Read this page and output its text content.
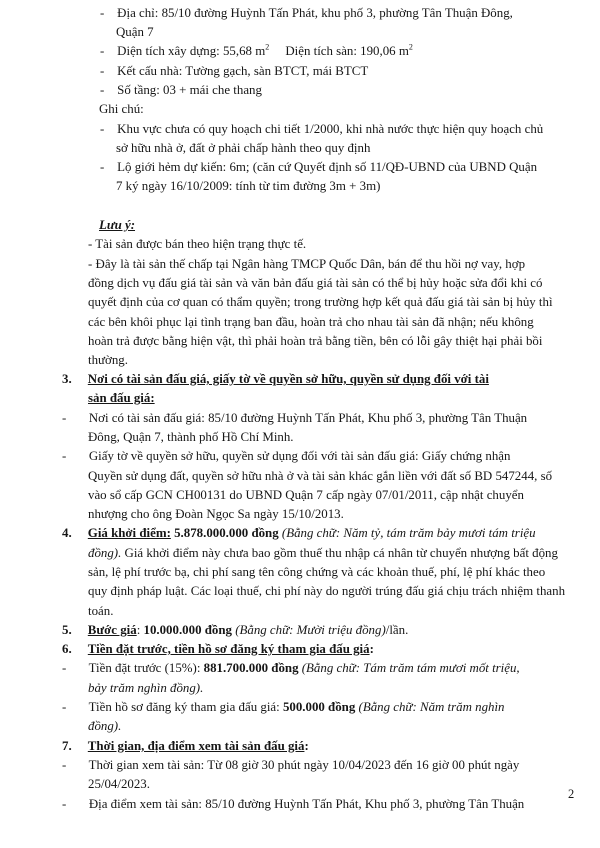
-    Địa chỉ: 85/10 đường Huỳnh Tấn Phát, khu phố 3, phường Tân Thuận Đông,
Quận 7
-    Diện tích xây dựng: 55,68 $m^2$     Diện tích sàn: 190,06 $m^2$
-    Kết cấu nhà: Tường gạch, sàn BTCT, mái BTCT
-    Số tầng: 03 + mái che thang
Ghi chú:
-    Khu vực chưa có quy hoạch chi tiết 1/2000, khi nhà nước thực hiện quy hoạch chủ
sở hữu nhà ở, đất ở phải chấp hành theo quy định
-    Lộ giới hẻm dự kiến: 6m; (căn cứ Quyết định số 11/QĐ-UBND của UBND Quận
7 ký ngày 16/10/2009: tính từ tim đường 3m + 3m)
Lưu ý:
- Tài sản được bán theo hiện trạng thực tế.
- Đây là tài sản thế chấp tại Ngân hàng TMCP Quốc Dân, bán để thu hồi nợ vay, hợp
đồng dịch vụ đấu giá tài sản và văn bản đấu giá tài sản có thể bị hủy hoặc sửa đổi khi có
quyết định của cơ quan có thẩm quyền; trong trường hợp kết quả đấu giá tài sản bị hủy thì
các bên khôi phục lại tình trạng ban đầu, hoàn trả cho nhau tài sản đã nhận; nếu không
hoàn trả được bằng hiện vật, thì phải hoàn trả bằng tiền, bên có lỗi gây thiệt hại phải bồi
thường.
3. Nơi có tài sản đấu giá, giấy tờ về quyền sở hữu, quyền sử dụng đối với tài
sản đấu giá:
-       Nơi có tài sản đấu giá: 85/10 đường Huỳnh Tấn Phát, Khu phố 3, phường Tân Thuận
Đông, Quận 7, thành phố Hồ Chí Minh.
-       Giấy tờ về quyền sở hữu, quyền sử dụng đối với tài sản đấu giá: Giấy chứng nhận
Quyền sử dụng đất, quyền sở hữu nhà ở và tài sản khác gắn liền với đất số BD 547244, số
vào sổ cấp GCN CH00131 do UBND Quận 7 cấp ngày 07/01/2011, cập nhật chuyển
nhượng cho ông Đoàn Ngọc Sa ngày 15/10/2013.
4. Giá khởi điểm: 5.878.000.000 đồng (Bằng chữ: Năm tỷ, tám trăm bảy mươi tám triệu
đồng). Giá khởi điểm này chưa bao gồm thuế thu nhập cá nhân từ chuyển nhượng bất động
sản, lệ phí trước bạ, chi phí sang tên công chứng và các khoản thuế, phí, lệ phí khác theo
quy định pháp luật. Các loại thuế, chi phí này do người trúng đấu giá chịu trách nhiệm thanh
toán.
5. Bước giá: 10.000.000 đồng (Bằng chữ: Mười triệu đồng)/lần.
6. Tiền đặt trước, tiền hồ sơ đăng ký tham gia đấu giá:
-       Tiền đặt trước (15%): 881.700.000 đồng (Bằng chữ: Tám trăm tám mươi mốt triệu,
bảy trăm nghìn đồng).
-       Tiền hồ sơ đăng ký tham gia đấu giá: 500.000 đồng (Bằng chữ: Năm trăm nghìn
đồng).
7. Thời gian, địa điểm xem tài sản đấu giá:
-       Thời gian xem tài sản: Từ 08 giờ 30 phút ngày 10/04/2023 đến 16 giờ 00 phút ngày
25/04/2023.
-       Địa điểm xem tài sản: 85/10 đường Huỳnh Tấn Phát, Khu phố 3, phường Tân Thuận
2
